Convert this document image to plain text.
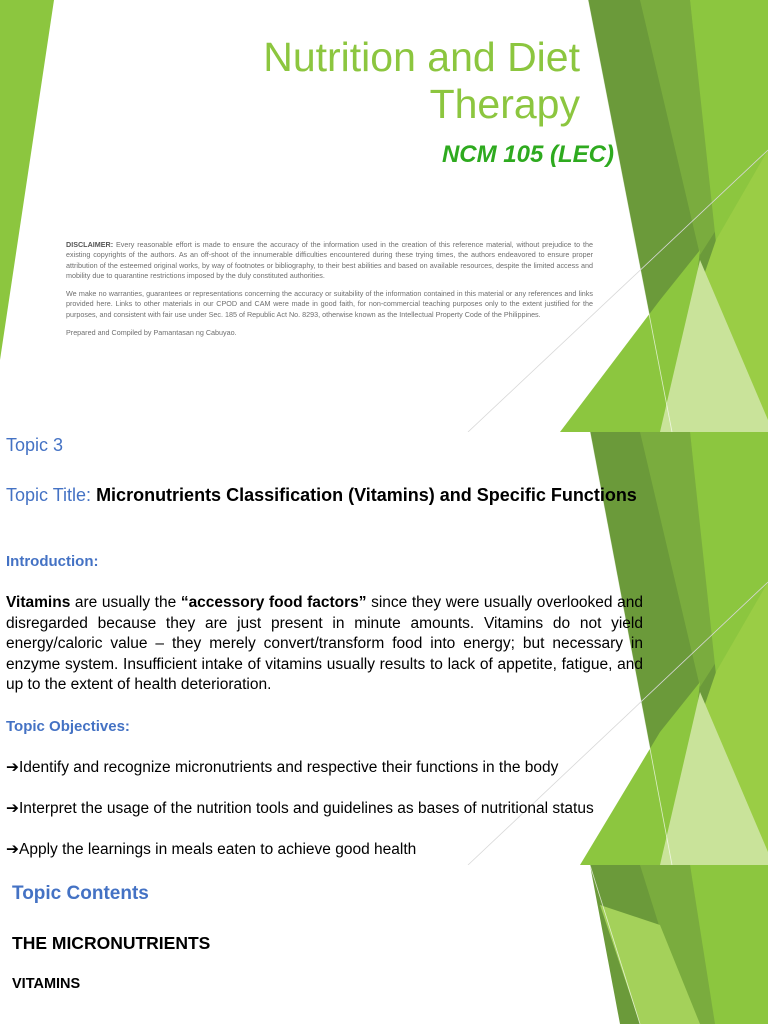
Nutrition and Diet
Therapy
NCM 105 (LEC)

DISCLAIMER: Every reasonable effort is made to ensure the accuracy of the information used in the creation of this reference material, without prejudice to the existing copyrights of the authors. As an off-shoot of the innumerable difficulties encountered during these trying times, the authors endeavored to ensure proper attribution of the esteemed original works, by way of footnotes or bibliography, to their best abilities and based on available resources, despite the limited access and mobility due to quarantine restrictions imposed by the duly constituted authorities.

We make no warranties, guarantees or representations concerning the accuracy or suitability of the information contained in this material or any references and links provided here. Links to other materials in our CPOD and CAM were made in good faith, for non-commercial teaching purposes only to the extent justified for the purposes, and consistent with fair use under Sec. 185 of Republic Act No. 8293, otherwise known as the Intellectual Property Code of the Philippines.

Prepared and Compiled by Pamantasan ng Cabuyao.

Topic 3
Topic Title: Micronutrients Classification (Vitamins) and Specific Functions
Introduction:

Vitamins are usually the “accessory food factors” since they were usually overlooked and disregarded because they are just present in minute amounts. Vitamins do not yield energy/caloric value – they merely convert/transform food into energy; but necessary in enzyme system. Insufficient intake of vitamins usually results to lack of appetite, fatigue, and up to the extent of health deterioration.

Topic Objectives:
➔Identify and recognize micronutrients and respective their functions in the body
➔Interpret the usage of the nutrition tools and guidelines as bases of nutritional status
➔Apply the learnings in meals eaten to achieve good health
Topic Contents
THE MICRONUTRIENTS
VITAMINS
